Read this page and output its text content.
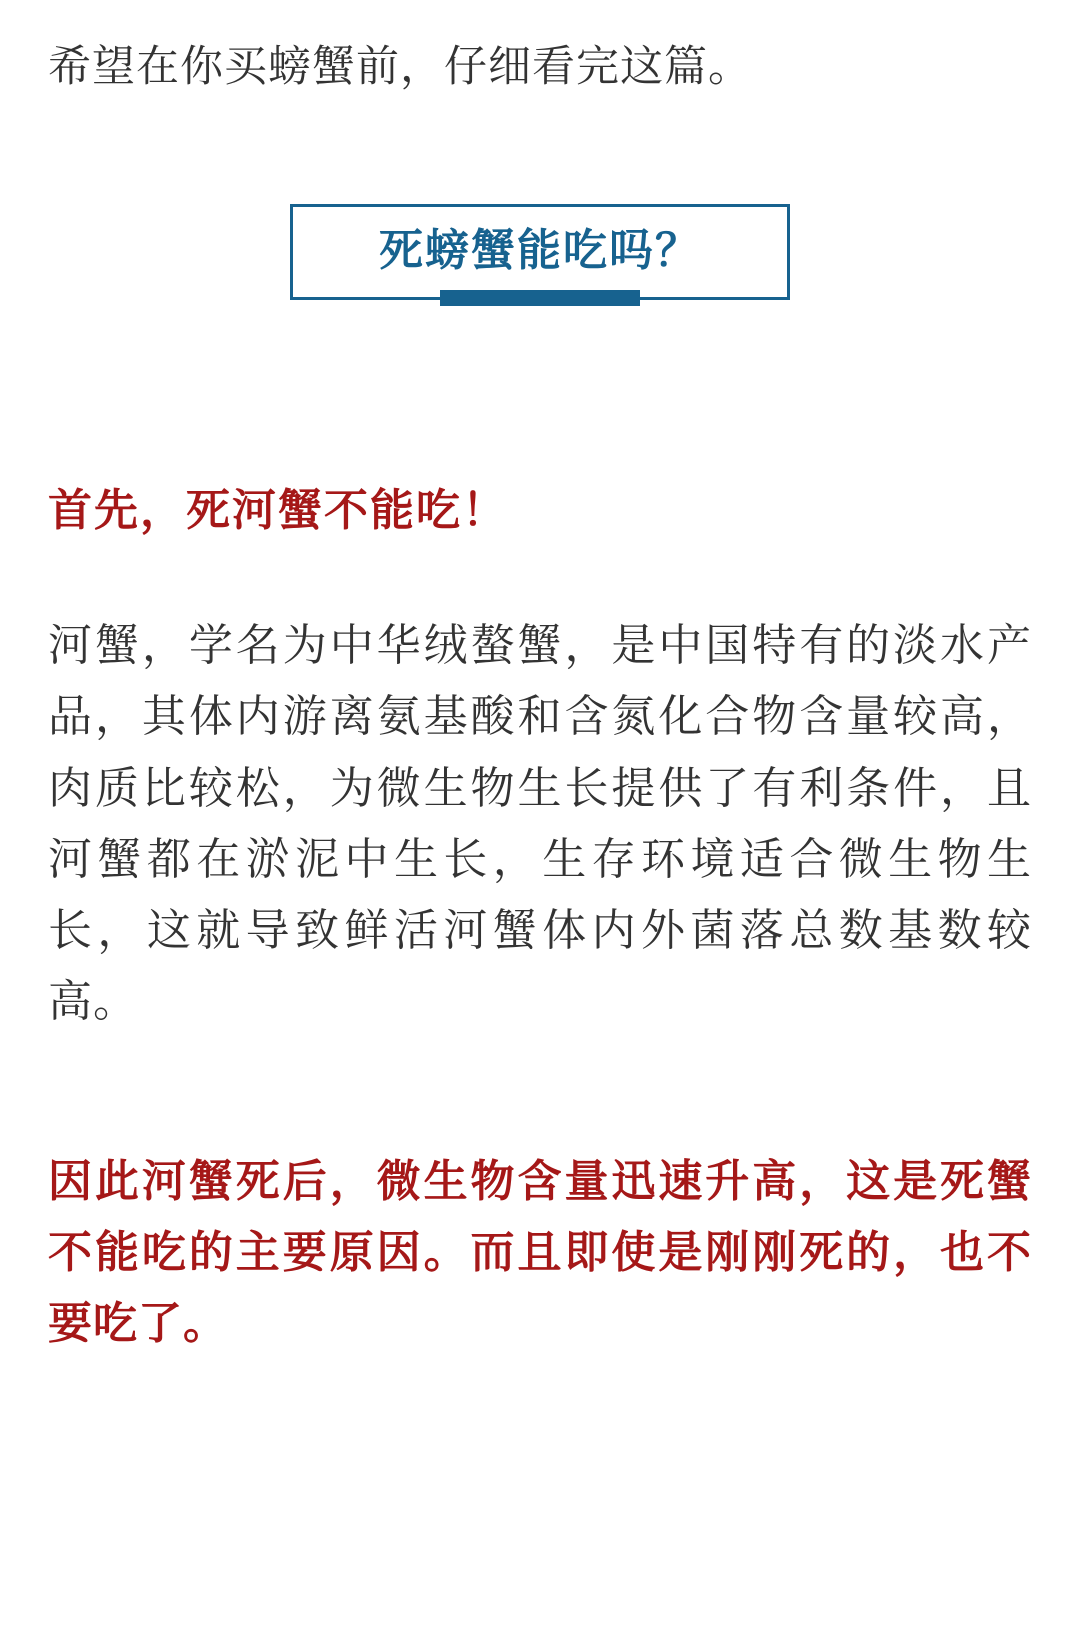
希望在你买螃蟹前，仔细看完这篇。
死螃蟹能吃吗？
首先，死河蟹不能吃！
河蟹，学名为中华绒螯蟹，是中国特有的淡水产品，其体内游离氨基酸和含氮化合物含量较高，肉质比较松，为微生物生长提供了有利条件，且河蟹都在淤泥中生长，生存环境适合微生物生长，这就导致鲜活河蟹体内外菌落总数基数较高。
因此河蟹死后，微生物含量迅速升高，这是死蟹不能吃的主要原因。而且即使是刚刚死的，也不要吃了。
